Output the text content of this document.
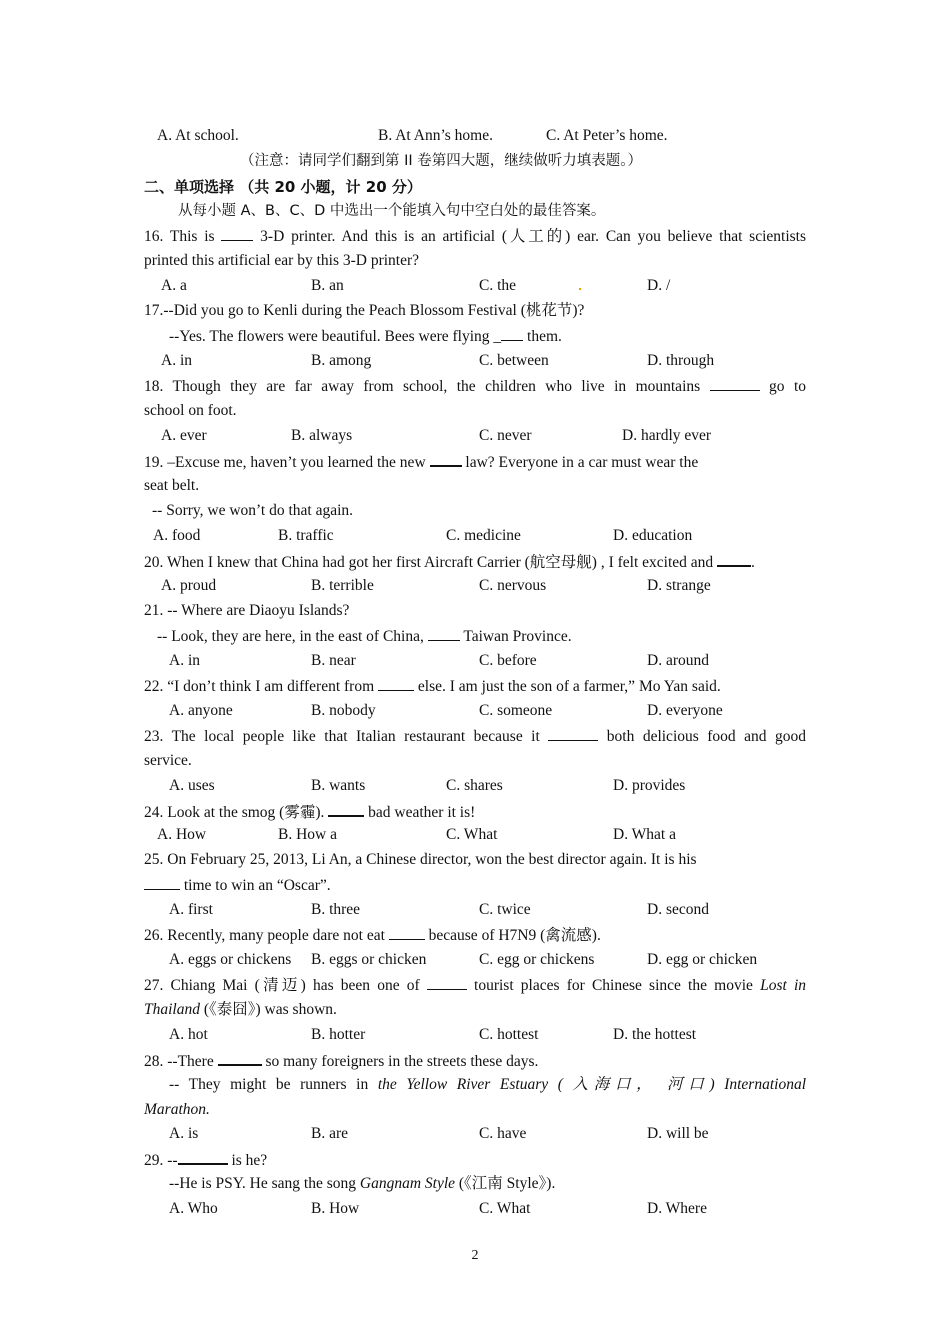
A. At school.	B. At Ann’s home.	C. At Peter’s home.
（注意：请同学们翻到第 II 卷第四大题，继续做听力填表题。）
二、单项选择 （共 20 小题，计 20 分）
从每小题 A、B、C、D 中选出一个能填入句中空白处的最佳答案。
16. This is	3-D printer. And this is an artificial (人工的) ear. Can you believe that scientists
printed this artificial ear by this 3-D printer?
A. a	B. an	C. the	D. /
17.--Did you go to Kenli during the Peach Blossom Festival (桃花节)?
--Yes. The flowers were beautiful. Bees were flying _ them.
A. in	B. among	C. between	D. through
18. Though they are far away from school, the children who live in mountains	go to
school on foot.
A. ever	B. always	C. never	D. hardly ever
19. –Excuse me, haven’t you learned the new	law? Everyone in a car must wear the
seat belt.
-- Sorry, we won’t do that again.
A. food	B. traffic	C. medicine	D. education
20. When I knew that China had got her first Aircraft Carrier (航空母舰) , I felt excited and .
A. proud	B. terrible	C. nervous	D. strange
21. -- Where are Diaoyu Islands?
-- Look, they are here, in the east of China,	Taiwan Province.
A. in	B. near	C. before	D. around
22. “I don’t think I am different from	else. I am just the son of a farmer,” Mo Yan said.
A. anyone	B. nobody	C. someone	D. everyone
23. The local people like that Italian restaurant because it	both delicious food and good
service.
A. uses	B. wants	C. shares	D. provides
24. Look at the smog (雾霾).	bad weather it is!
A. How	B. How a	C. What	D. What a
25. On February 25, 2013, Li An, a Chinese director, won the best director again. It is his
time to win an “Oscar”.
A. first	B. three	C. twice	D. second
26. Recently, many people dare not eat	because of H7N9 (禽流感).
A. eggs or chickens B. eggs or chicken	C. egg or chickens	D. egg or chicken
27. Chiang Mai (清迈) has been one of	tourist places for Chinese since the movie Lost in
Thailand (《泰囧》) was shown.
A. hot	B. hotter	C. hottest	D. the hottest
28. --There	so many foreigners in the streets these days.
-- They might be runners in the Yellow River Estuary ( 入海口， 河口) International
Marathon.
A. is	B. are	C. have	D. will be
29. --	is he?
--He is PSY. He sang the song Gangnam Style (《江南 Style》).
A. Who	B. How	C. What	D. Where
2
